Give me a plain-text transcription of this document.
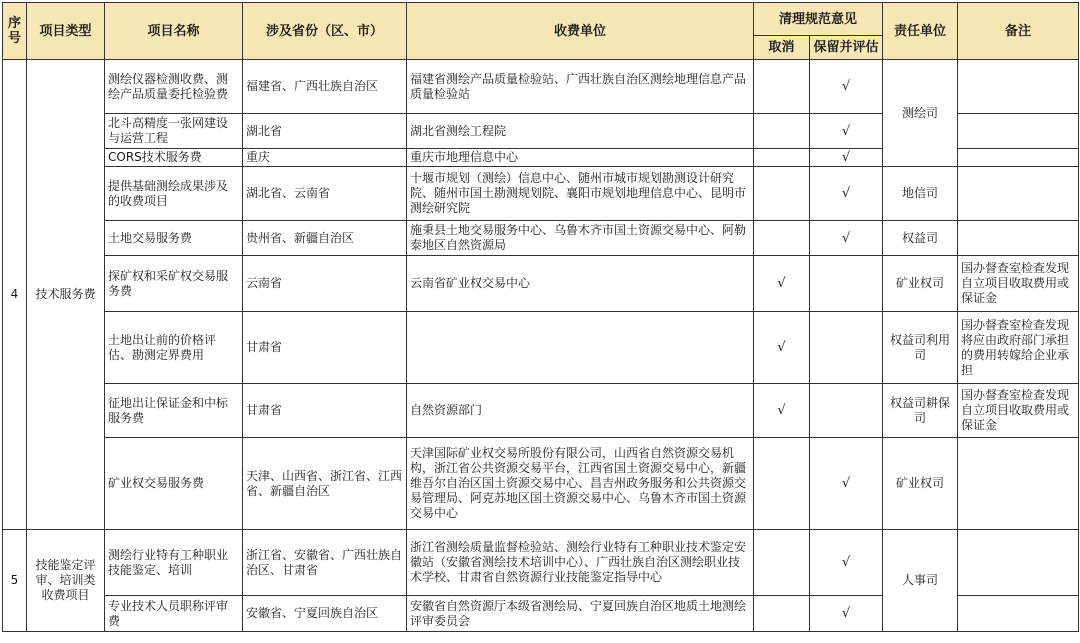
序号	项目类型	项目名称	涉及省份（区、市）	收费单位	清理规范意见		责任单位	备注
					取消	保留并评估		
4	技术服务费	测绘仪器检测收费、测绘产品质量委托检验费	福建省、广西壮族自治区	福建省测绘产品质量检验站、广西壮族自治区测绘地理信息产品质量检验站		√	测绘司	
		北斗高精度一张网建设与运营工程	湖北省	湖北省测绘工程院		√		
		CORS技术服务费	重庆	重庆市地理信息中心		√		
		提供基础测绘成果涉及的收费项目	湖北省、云南省	十堰市规划（测绘）信息中心、随州市城市规划勘测设计研究院、随州市国土勘测规划院、襄阳市规划地理信息中心、昆明市测绘研究院		√	地信司	
		土地交易服务费	贵州省、新疆自治区	施秉县土地交易服务中心、乌鲁木齐市国土资源交易中心、阿勒泰地区自然资源局		√	权益司	
		探矿权和采矿权交易服务费	云南省	云南省矿业权交易中心	√		矿业权司	国办督查室检查发现自立项目收取费用或保证金
		土地出让前的价格评估、勘测定界费用	甘肃省		√		权益司利用司	国办督查室检查发现将应由政府部门承担的费用转嫁给企业承担
		征地出让保证金和中标服务费	甘肃省	自然资源部门	√		权益司耕保司	国办督查室检查发现自立项目收取费用或保证金
		矿业权交易服务费	天津、山西省、浙江省、江西省、新疆自治区	天津国际矿业权交易所股份有限公司，山西省自然资源交易机构，浙江省公共资源交易平台，江西省国土资源交易中心，新疆维吾尔自治区国土资源交易中心、昌吉州政务服务和公共资源交易管理局、阿克苏地区国土资源交易中心、乌鲁木齐市国土资源交易中心		√	矿业权司	
5	技能鉴定评审、培训类收费项目	测绘行业特有工种职业技能鉴定、培训	浙江省、安徽省、广西壮族自治区、甘肃省	浙江省测绘质量监督检验站、测绘行业特有工种职业技术鉴定安徽站（安徽省测绘技术培训中心）、广西壮族自治区测绘职业技术学校、甘肃省自然资源行业技能鉴定指导中心		√	人事司	
		专业技术人员职称评审费	安徽省、宁夏回族自治区	安徽省自然资源厅本级省测绘局、宁夏回族自治区地质土地测绘评审委员会		√		
